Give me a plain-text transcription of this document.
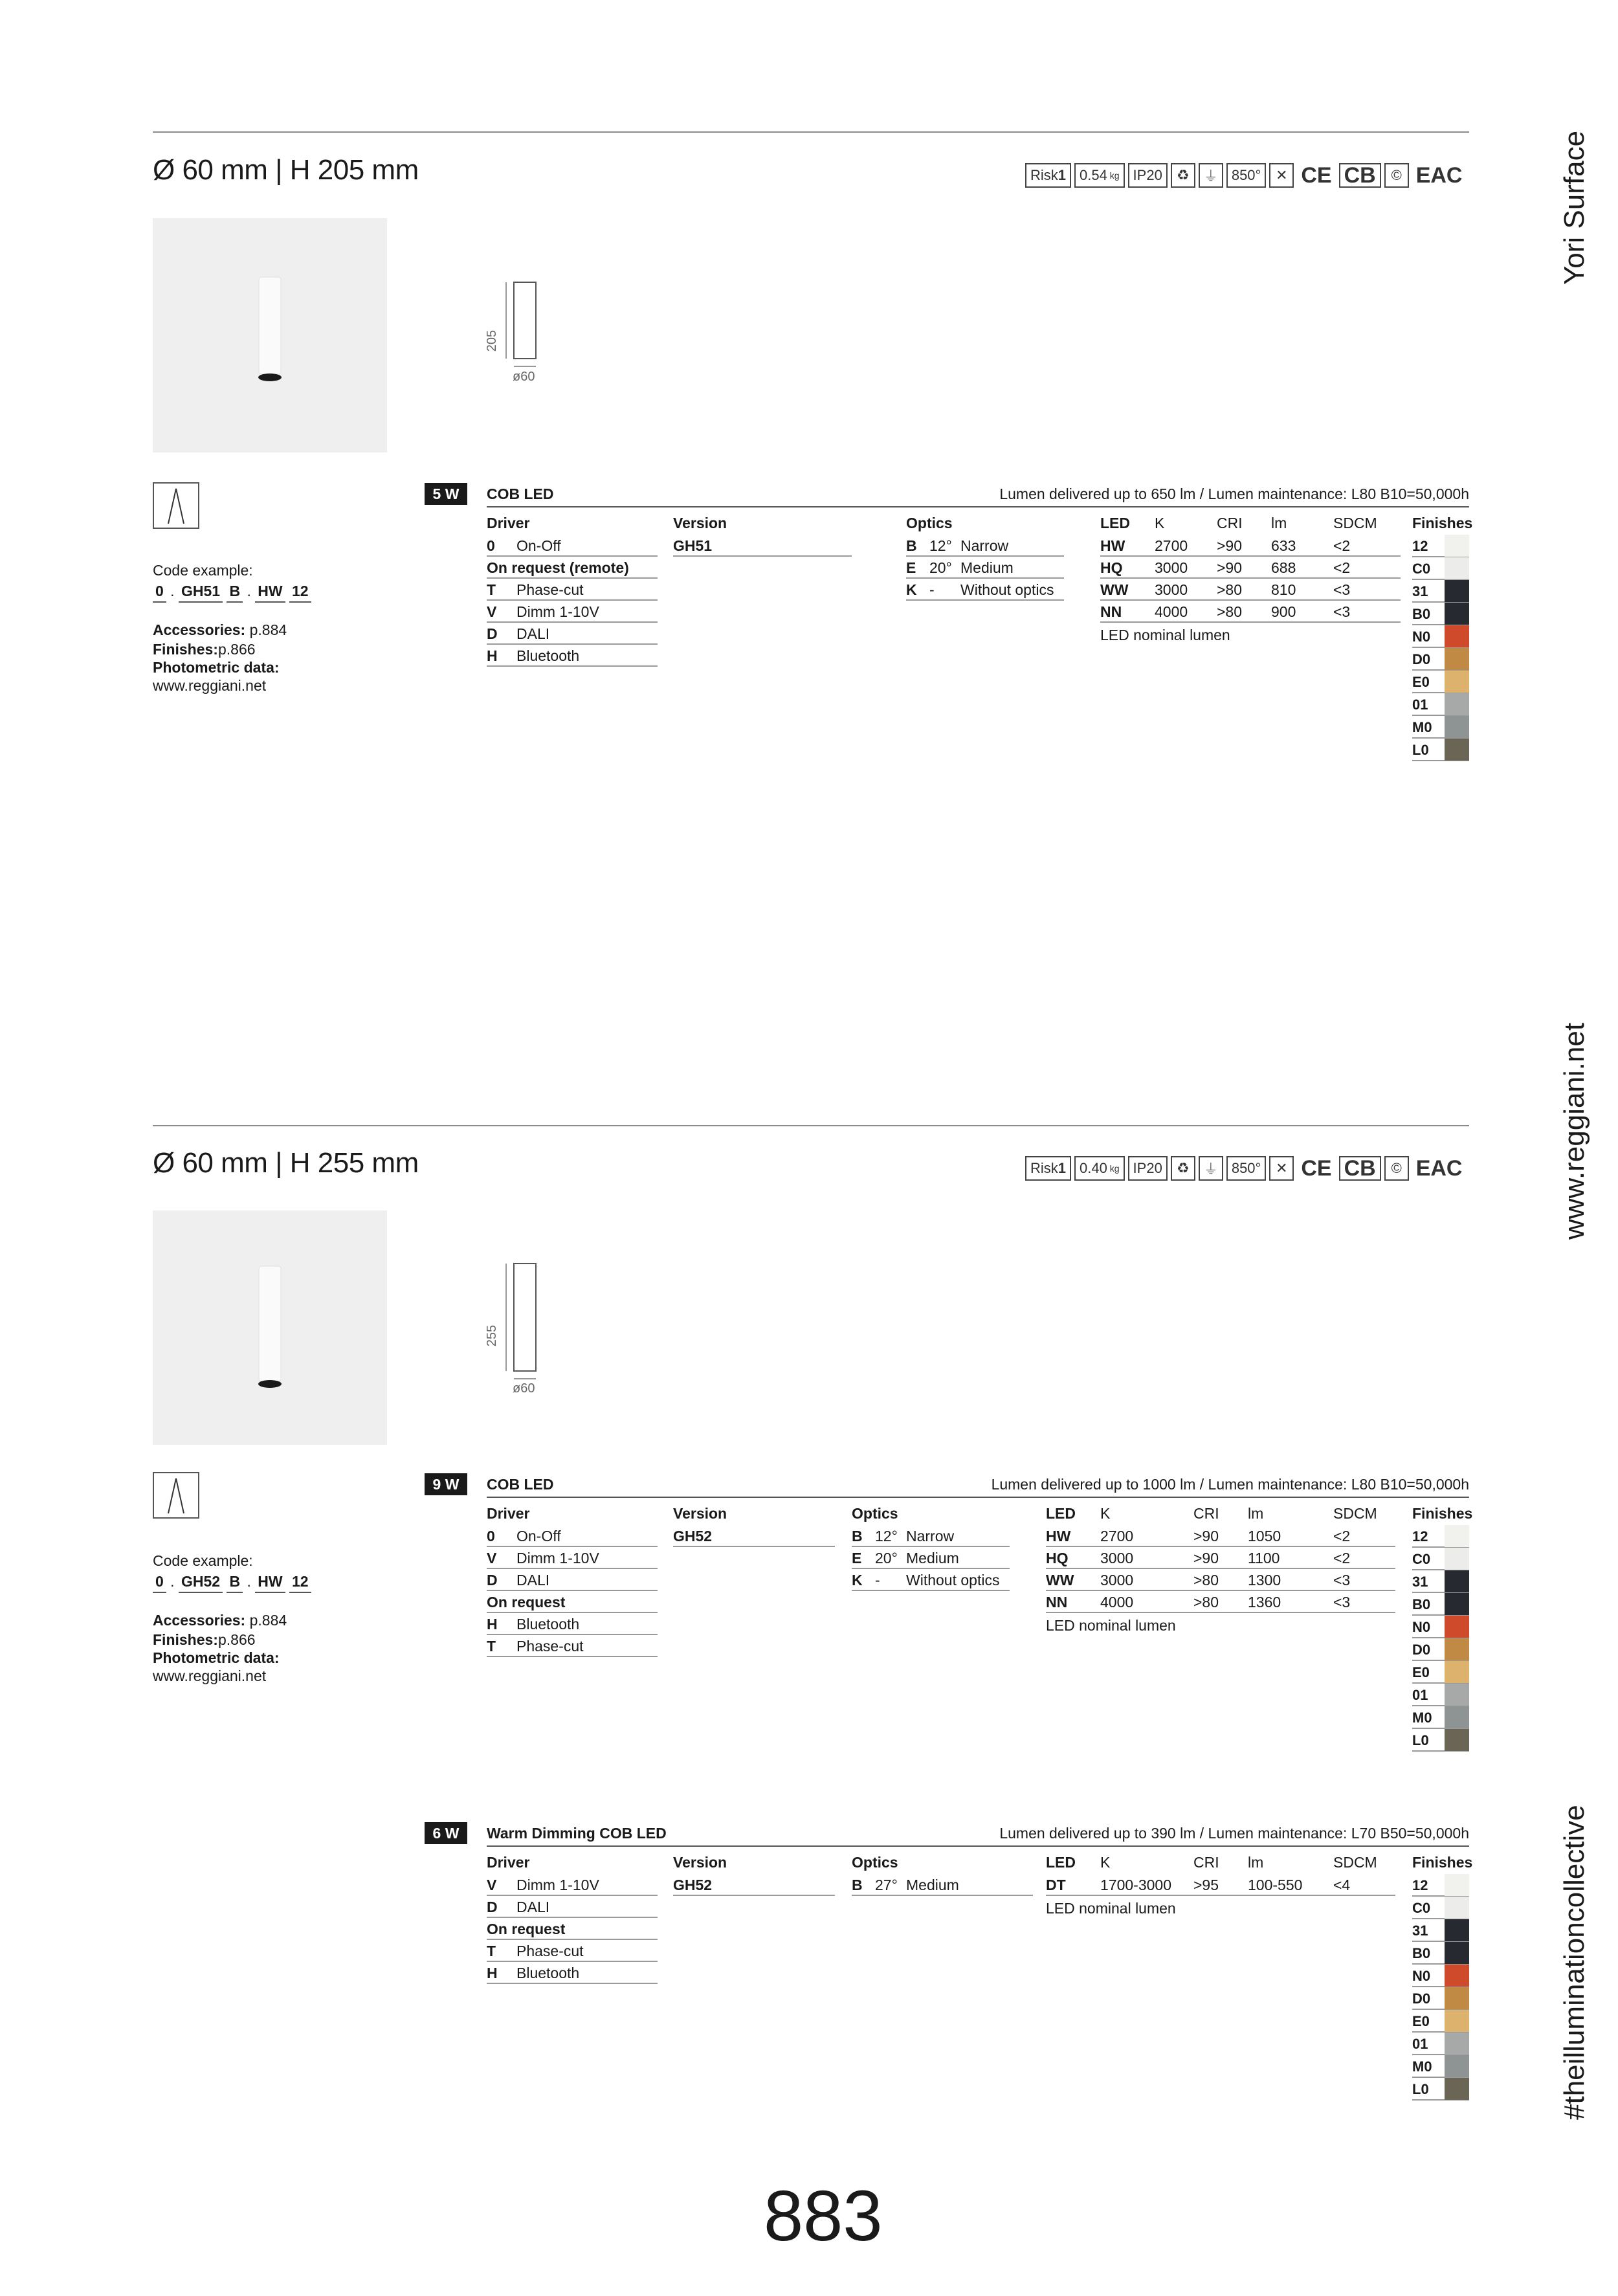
Yori Surface
www.reggiani.net
#theilluminationcollective
Ø 60 mm | H 205 mm	Risk 1 0.54 kg IP20	♻	⏚ 850°	✕ CE CB	© EAC
205
ø60
Code example:
0 . GH51 B . HW 12
Accessories: p.884
Finishes:p.866
Photometric data:
www.reggiani.net
5 W	COB LED	Lumen delivered up to 650 lm / Lumen maintenance: L80 B10=50,000h
Driver
0 On-Off
On request (remote)
T Phase-cut
V Dimm 1-10V
D DALI
H Bluetooth
Version
GH51
Optics
B 12° Narrow
E 20° Medium
K - Without optics
LED K	CRI lm	SDCM
HW 2700 >90 633	<2
HQ 3000 >90 688	<2
WW 3000 >80 810	<3
NN 4000 >80 900	<3
LED nominal lumen
Finishes
12
C0
31
B0
N0
D0
E0
01
M0
L0
Ø 60 mm | H 255 mm	Risk 1 0.40 kg IP20	♻	⏚ 850°	✕ CE CB	© EAC
255
ø60
Code example:
0 . GH52 B . HW 12
Accessories: p.884
Finishes:p.866
Photometric data:
www.reggiani.net
9 W	COB LED	Lumen delivered up to 1000 lm / Lumen maintenance: L80 B10=50,000h
Driver
0 On-Off
V Dimm 1-10V
D DALI
On request
H Bluetooth
T Phase-cut
Version
GH52
Optics
B 12° Narrow
E 20° Medium
K - Without optics
LED K	CRI lm	SDCM
HW 2700	>90 1050	<2
HQ 3000	>90 1100	<2
WW 3000	>80 1300	<3
NN 4000	>80 1360	<3
LED nominal lumen
Finishes
12
C0
31
B0
N0
D0
E0
01
M0
L0
6 W	Warm Dimming COB LED	Lumen delivered up to 390 lm / Lumen maintenance: L70 B50=50,000h
Driver
V Dimm 1-10V
D DALI
On request
T Phase-cut
H Bluetooth
Version
GH52
Optics
B 27° Medium
LED K	CRI lm	SDCM
DT 1700-3000 >95 100-550 <4
LED nominal lumen
Finishes
12
C0
31
B0
N0
D0
E0
01
M0
L0
883
